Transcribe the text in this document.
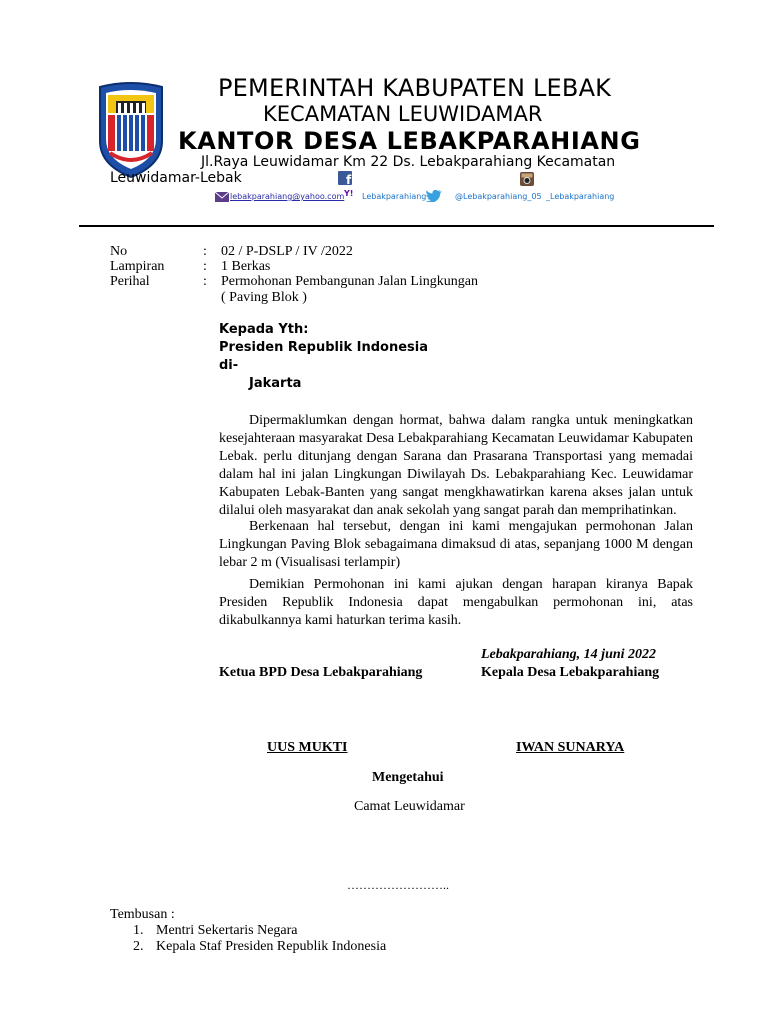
PEMERINTAH KABUPATEN LEBAK
KECAMATAN LEUWIDAMAR
KANTOR DESA LEBAKPARAHIANG
Jl.Raya Leuwidamar Km 22 Ds. Lebakparahiang Kecamatan
Leuwidamar-Lebak	f
lebakparahiang@yahoo.com Y! Lebakparahiang	@Lebakparahiang_05 _Lebakparahiang
No	: 02 / P-DSLP / IV /2022
Lampiran	: 1 Berkas
Perihal	: Permohonan Pembangunan Jalan Lingkungan
( Paving Blok )
Kepada Yth:
Presiden Republik Indonesia
di-
Jakarta

Dipermaklumkan dengan hormat, bahwa dalam rangka untuk meningkatkan kesejahteraan masyarakat Desa Lebakparahiang Kecamatan Leuwidamar Kabupaten Lebak. perlu ditunjang dengan Sarana dan Prasarana Transportasi yang memadai dalam hal ini jalan Lingkungan Diwilayah Ds. Lebakparahiang Kec. Leuwidamar Kabupaten Lebak-Banten yang sangat mengkhawatirkan karena akses jalan untuk dilalui oleh masyarakat dan anak sekolah yang sangat parah dan memprihatinkan.

Berkenaan hal tersebut, dengan ini kami mengajukan permohonan Jalan Lingkungan Paving Blok sebagaimana dimaksud di atas, sepanjang 1000 M dengan lebar 2 m (Visualisasi terlampir)

Demikian Permohonan ini kami ajukan dengan harapan kiranya Bapak Presiden Republik Indonesia dapat mengabulkan permohonan ini, atas dikabulkannya kami haturkan terima kasih.

Lebakparahiang, 14 juni 2022
Ketua BPD Desa Lebakparahiang	Kepala Desa Lebakparahiang
UUS MUKTI	IWAN SUNARYA
Mengetahui
Camat Leuwidamar
……………………..
Tembusan :
1. Mentri Sekertaris Negara
2. Kepala Staf Presiden Republik Indonesia
